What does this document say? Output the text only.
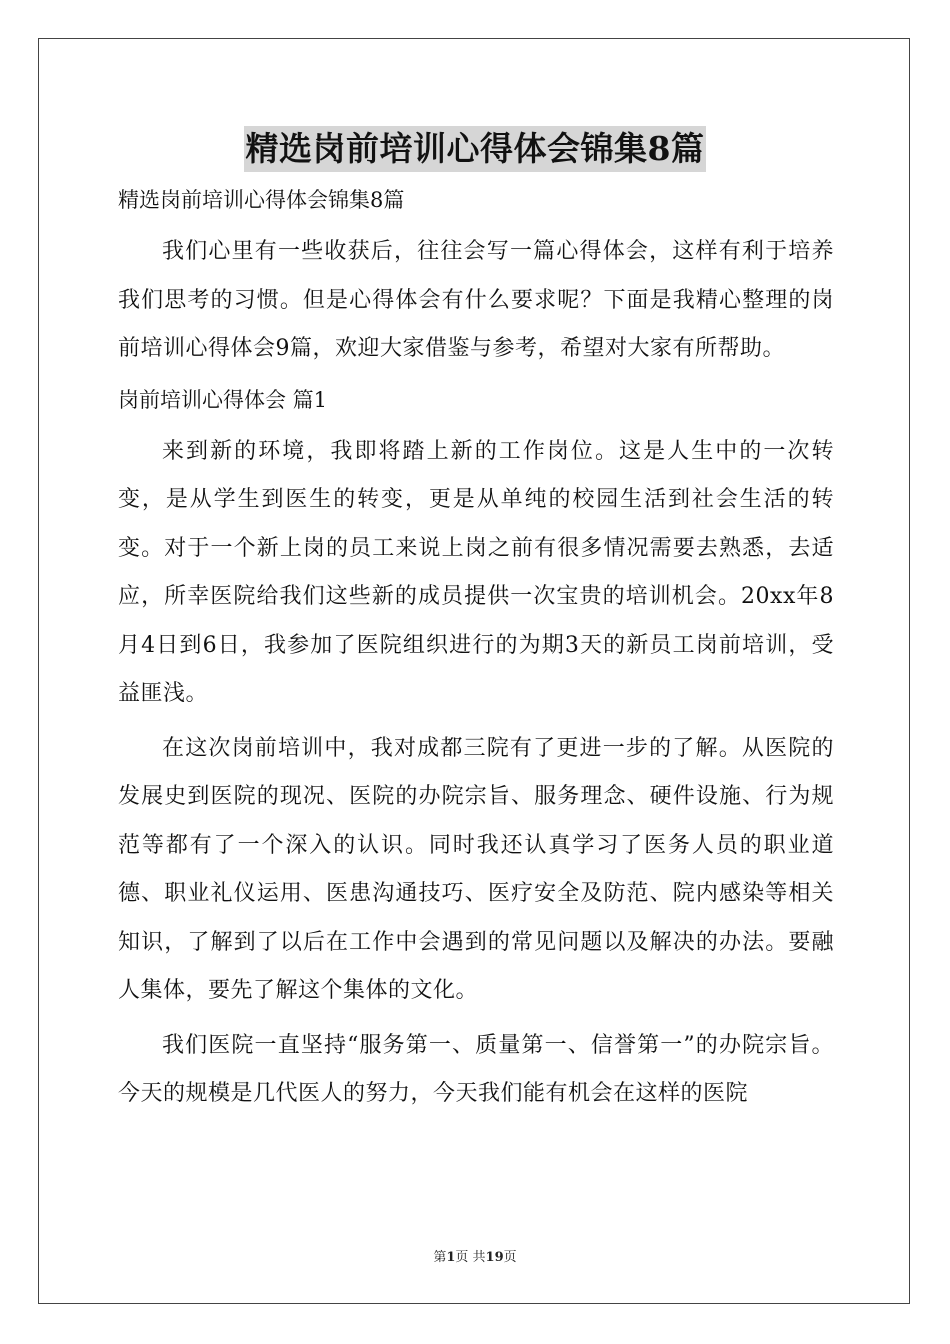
精选岗前培训心得体会锦集8篇

精选岗前培训心得体会锦集8篇

我们心里有一些收获后，往往会写一篇心得体会，这样有利于培养我们思考的习惯。但是心得体会有什么要求呢？下面是我精心整理的岗前培训心得体会9篇，欢迎大家借鉴与参考，希望对大家有所帮助。

岗前培训心得体会 篇1

来到新的环境，我即将踏上新的工作岗位。这是人生中的一次转变，是从学生到医生的转变，更是从单纯的校园生活到社会生活的转变。对于一个新上岗的员工来说上岗之前有很多情况需要去熟悉，去适应，所幸医院给我们这些新的成员提供一次宝贵的培训机会。20xx年8月4日到6日，我参加了医院组织进行的为期3天的新员工岗前培训，受益匪浅。

在这次岗前培训中，我对成都三院有了更进一步的了解。从医院的发展史到医院的现况、医院的办院宗旨、服务理念、硬件设施、行为规范等都有了一个深入的认识。同时我还认真学习了医务人员的职业道德、职业礼仪运用、医患沟通技巧、医疗安全及防范、院内感染等相关知识，了解到了以后在工作中会遇到的常见问题以及解决的办法。要融人集体，要先了解这个集体的文化。

我们医院一直坚持“服务第一、质量第一、信誉第一”的办院宗旨。今天的规模是几代医人的努力，今天我们能有机会在这样的医院

第1页 共19页
